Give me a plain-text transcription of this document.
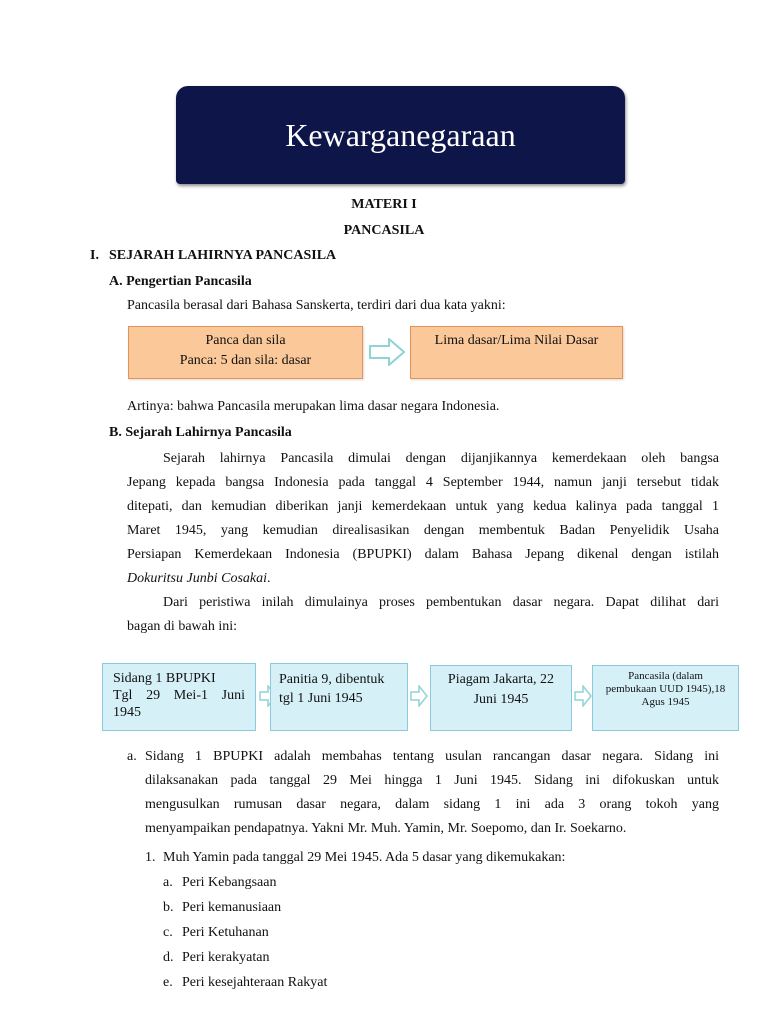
Kewarganegaraan
MATERI I
PANCASILA
I. SEJARAH LAHIRNYA PANCASILA
A. Pengertian Pancasila
Pancasila berasal dari Bahasa Sanskerta, terdiri dari dua kata yakni:
Panca dan sila
Panca: 5 dan sila: dasar
Lima dasar/Lima Nilai Dasar
Artinya: bahwa Pancasila merupakan lima dasar negara Indonesia.
B. Sejarah Lahirnya Pancasila
Sejarah lahirnya Pancasila dimulai dengan dijanjikannya kemerdekaan oleh bangsa
Jepang kepada bangsa Indonesia pada tanggal 4 September 1944, namun janji tersebut tidak
ditepati, dan kemudian diberikan janji kemerdekaan untuk yang kedua kalinya pada tanggal 1
Maret 1945, yang kemudian direalisasikan dengan membentuk Badan Penyelidik Usaha
Persiapan Kemerdekaan Indonesia (BPUPKI) dalam Bahasa Jepang dikenal dengan istilah
Dokuritsu Junbi Cosakai.
Dari peristiwa inilah dimulainya proses pembentukan dasar negara. Dapat dilihat dari
bagan di bawah ini:
Sidang 1 BPUPKI
Tgl 29 Mei-1 Juni
1945
Panitia 9, dibentuk
tgl 1 Juni 1945
Piagam Jakarta, 22
Juni 1945
Pancasila (dalam
pembukaan UUD 1945),18
Agus 1945
a. Sidang 1 BPUPKI adalah membahas tentang usulan rancangan dasar negara. Sidang ini
dilaksanakan pada tanggal 29 Mei hingga 1 Juni 1945. Sidang ini difokuskan untuk
mengusulkan rumusan dasar negara, dalam sidang 1 ini ada 3 orang tokoh yang
menyampaikan pendapatnya. Yakni Mr. Muh. Yamin, Mr. Soepomo, dan Ir. Soekarno.
1. Muh Yamin pada tanggal 29 Mei 1945. Ada 5 dasar yang dikemukakan:
a. Peri Kebangsaan
b. Peri kemanusiaan
c. Peri Ketuhanan
d. Peri kerakyatan
e. Peri kesejahteraan Rakyat
